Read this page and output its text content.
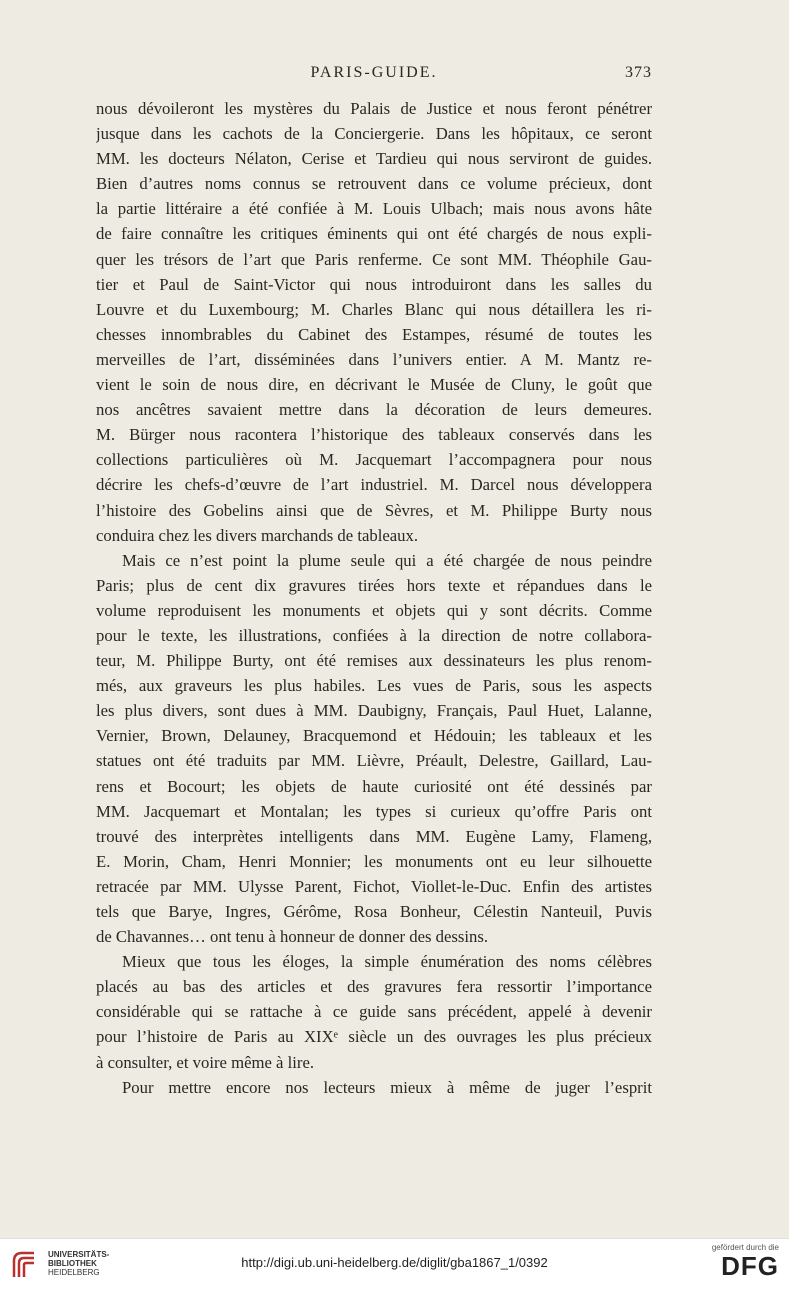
PARIS-GUIDE.	373
nous dévoileront les mystères du Palais de Justice et nous feront pénétrer
jusque dans les cachots de la Conciergerie. Dans les hôpitaux, ce seront
MM. les docteurs Nélaton, Cerise et Tardieu qui nous serviront de guides.
Bien d’autres noms connus se retrouvent dans ce volume précieux, dont
la partie littéraire a été confiée à M. Louis Ulbach; mais nous avons hâte
de faire connaître les critiques éminents qui ont été chargés de nous expli-
quer les trésors de l’art que Paris renferme. Ce sont MM. Théophile Gau-
tier et Paul de Saint-Victor qui nous introduiront dans les salles du
Louvre et du Luxembourg; M. Charles Blanc qui nous détaillera les ri-
chesses innombrables du Cabinet des Estampes, résumé de toutes les
merveilles de l’art, disséminées dans l’univers entier. A M. Mantz re-
vient le soin de nous dire, en décrivant le Musée de Cluny, le goût que
nos ancêtres savaient mettre dans la décoration de leurs demeures.
M. Bürger nous racontera l’historique des tableaux conservés dans les
collections particulières où M. Jacquemart l’accompagnera pour nous
décrire les chefs-d’œuvre de l’art industriel. M. Darcel nous développera
l’histoire des Gobelins ainsi que de Sèvres, et M. Philippe Burty nous
conduira chez les divers marchands de tableaux.
Mais ce n’est point la plume seule qui a été chargée de nous peindre
Paris; plus de cent dix gravures tirées hors texte et répandues dans le
volume reproduisent les monuments et objets qui y sont décrits. Comme
pour le texte, les illustrations, confiées à la direction de notre collabora-
teur, M. Philippe Burty, ont été remises aux dessinateurs les plus renom-
més, aux graveurs les plus habiles. Les vues de Paris, sous les aspects
les plus divers, sont dues à MM. Daubigny, Français, Paul Huet, Lalanne,
Vernier, Brown, Delauney, Bracquemond et Hédouin; les tableaux et les
statues ont été traduits par MM. Lièvre, Préault, Delestre, Gaillard, Lau-
rens et Bocourt; les objets de haute curiosité ont été dessinés par
MM. Jacquemart et Montalan; les types si curieux qu’offre Paris ont
trouvé des interprètes intelligents dans MM. Eugène Lamy, Flameng,
E. Morin, Cham, Henri Monnier; les monuments ont eu leur silhouette
retracée par MM. Ulysse Parent, Fichot, Viollet-le-Duc. Enfin des artistes
tels que Barye, Ingres, Gérôme, Rosa Bonheur, Célestin Nanteuil, Puvis
de Chavannes… ont tenu à honneur de donner des dessins.
Mieux que tous les éloges, la simple énumération des noms célèbres
placés au bas des articles et des gravures fera ressortir l’importance
considérable qui se rattache à ce guide sans précédent, appelé à devenir
pour l’histoire de Paris au XIXᵉ siècle un des ouvrages les plus précieux
à consulter, et voire même à lire.
Pour mettre encore nos lecteurs mieux à même de juger l’esprit
UNIVERSITÄTS-
BIBLIOTHEK
HEIDELBERG
http://digi.ub.uni-heidelberg.de/diglit/gba1867_1/0392
gefördert durch die
DFG
